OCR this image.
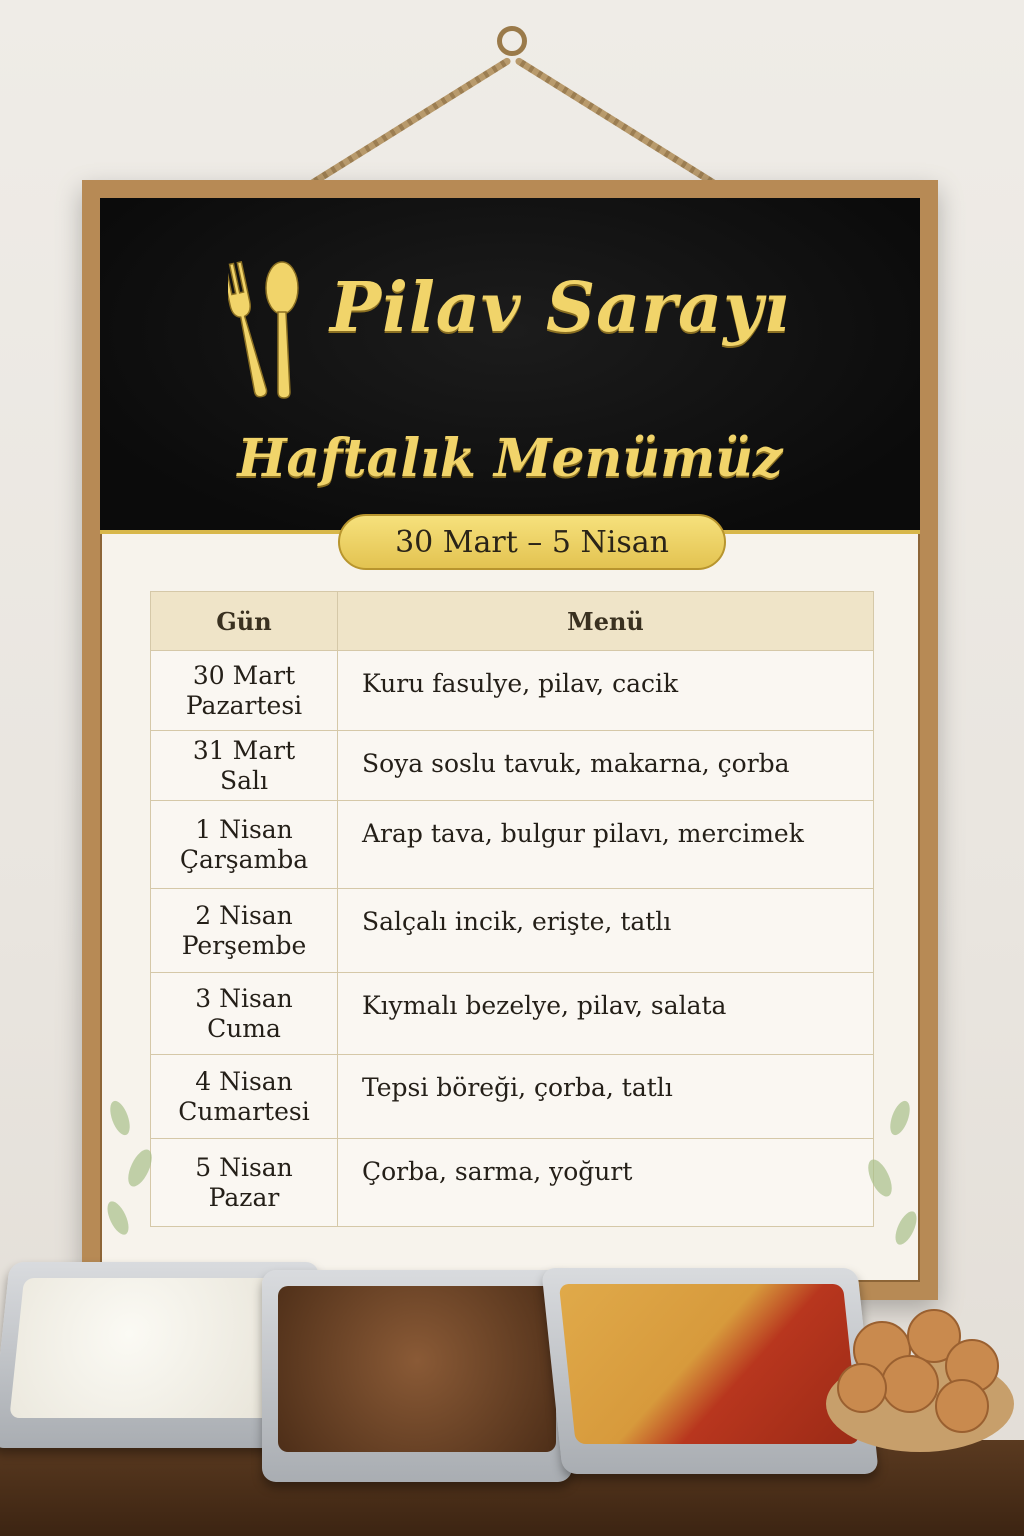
Pilav Sarayı
Haftalık Menümüz
30 Mart – 5 Nisan
Gün	Menü
30 Mart
Pazartesi	Kuru fasulye, pilav, cacik
31 Mart
Salı	Soya soslu tavuk, makarna, çorba
1 Nisan
Çarşamba	Arap tava, bulgur pilavı, mercimek
2 Nisan
Perşembe	Salçalı incik, erişte, tatlı
3 Nisan
Cuma	Kıymalı bezelye, pilav, salata
4 Nisan
Cumartesi	Tepsi böreği, çorba, tatlı
5 Nisan
Pazar	Çorba, sarma, yoğurt
